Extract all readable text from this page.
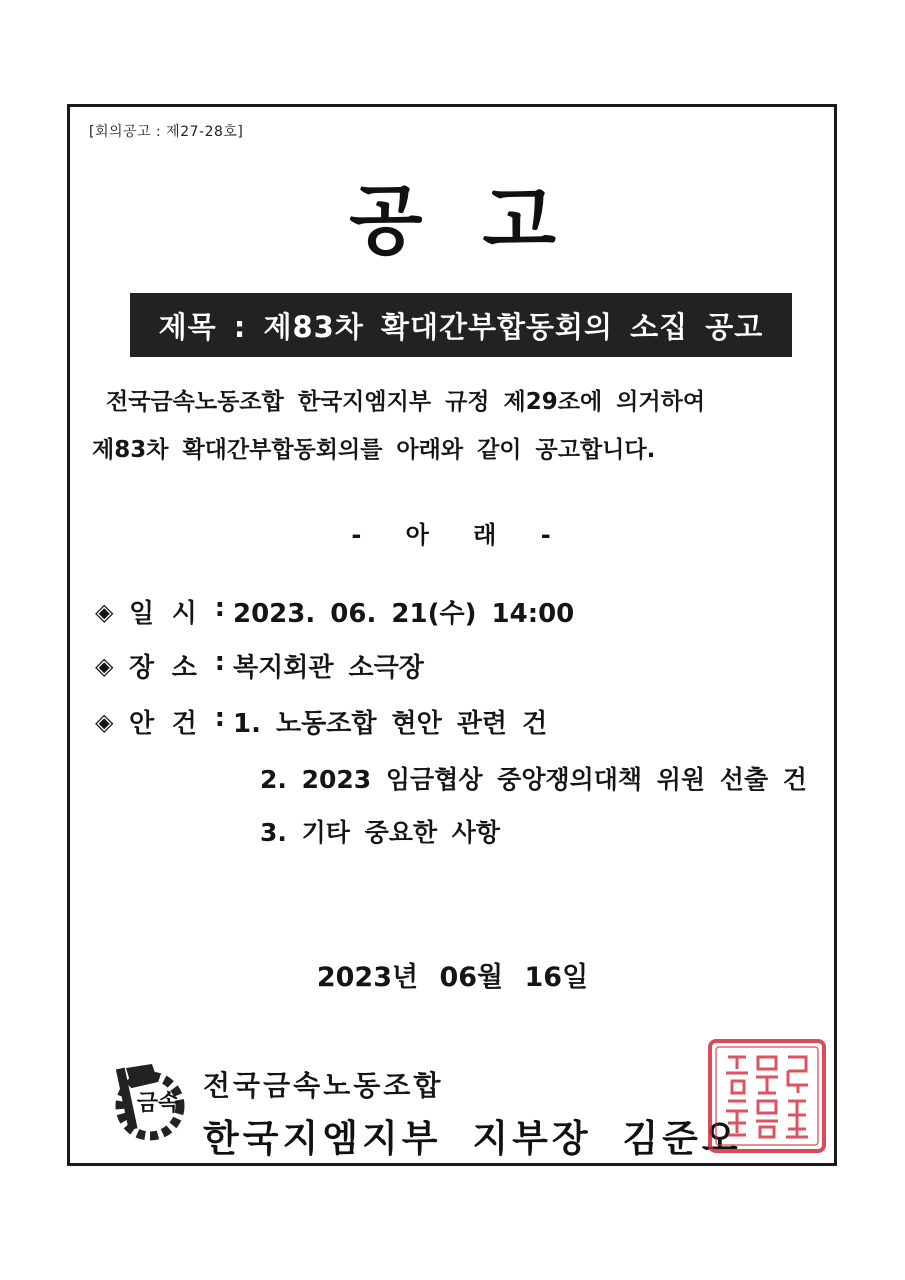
[회의공고 : 제27-28호]
공고
제목 : 제83차 확대간부합동회의 소집 공고
전국금속노동조합 한국지엠지부 규정 제29조에 의거하여
제83차 확대간부합동회의를 아래와 같이 공고합니다.
- 아 래 -
◈ 일 시 : 2023. 06. 21(수) 14:00
◈ 장 소 : 복지회관 소극장
◈ 안 건 : 1. 노동조합 현안 관련 건
2. 2023 임금협상 중앙쟁의대책 위원 선출 건
3. 기타 중요한 사항
2023년 06월 16일
금속
전국금속노동조합
한국지엠지부 지부장 김준오
